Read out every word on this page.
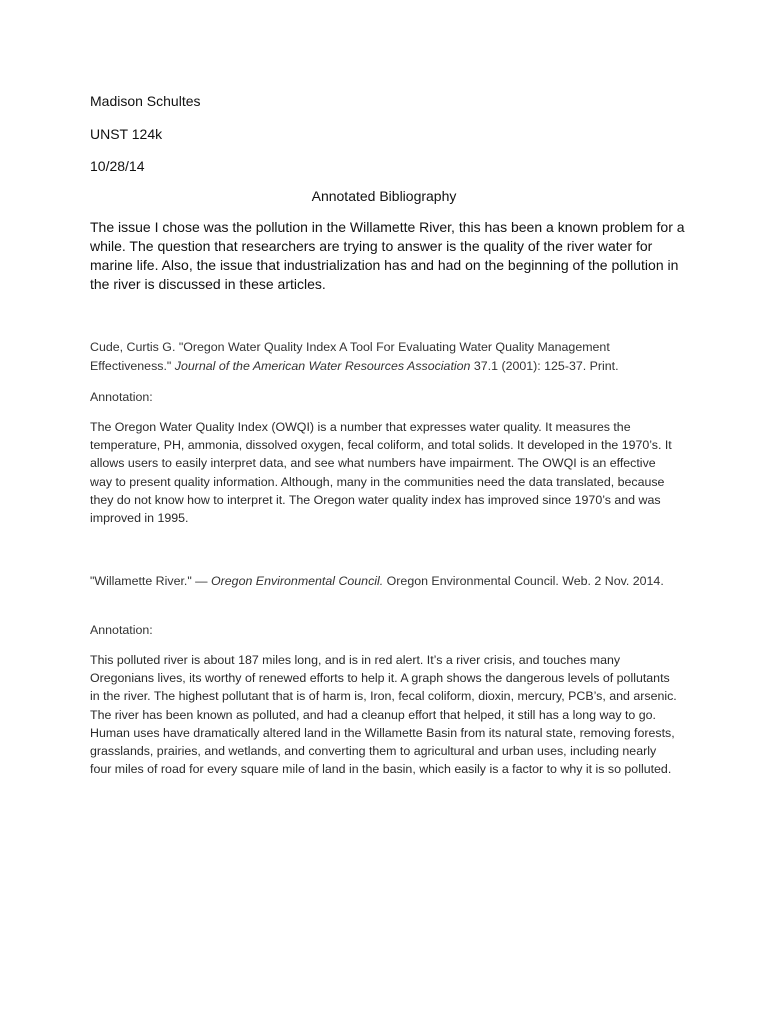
Madison Schultes
UNST 124k
10/28/14
Annotated Bibliography
The issue I chose was the pollution in the Willamette River, this has been a known problem for a while. The question that researchers are trying to answer is the quality of the river water for marine life. Also, the issue that industrialization has and had on the beginning of the pollution in the river is discussed in these articles.
Cude, Curtis G. "Oregon Water Quality Index A Tool For Evaluating Water Quality Management Effectiveness." Journal of the American Water Resources Association 37.1 (2001): 125-37. Print.
Annotation:
The Oregon Water Quality Index (OWQI) is a number that expresses water quality. It measures the temperature, PH, ammonia, dissolved oxygen, fecal coliform, and total solids. It developed in the 1970’s. It allows users to easily interpret data, and see what numbers have impairment. The OWQI is an effective way to present quality information. Although, many in the communities need the data translated, because they do not know how to interpret it. The Oregon water quality index has improved since 1970’s and was improved in 1995.
"Willamette River." — Oregon Environmental Council. Oregon Environmental Council. Web. 2 Nov. 2014.
Annotation:
This polluted river is about 187 miles long, and is in red alert. It’s a river crisis, and touches many Oregonians lives, its worthy of renewed efforts to help it. A graph shows the dangerous levels of pollutants in the river. The highest pollutant that is of harm is, Iron, fecal coliform, dioxin, mercury, PCB’s, and arsenic. The river has been known as polluted, and had a cleanup effort that helped, it still has a long way to go. Human uses have dramatically altered land in the Willamette Basin from its natural state, removing forests, grasslands, prairies, and wetlands, and converting them to agricultural and urban uses, including nearly four miles of road for every square mile of land in the basin, which easily is a factor to why it is so polluted.
